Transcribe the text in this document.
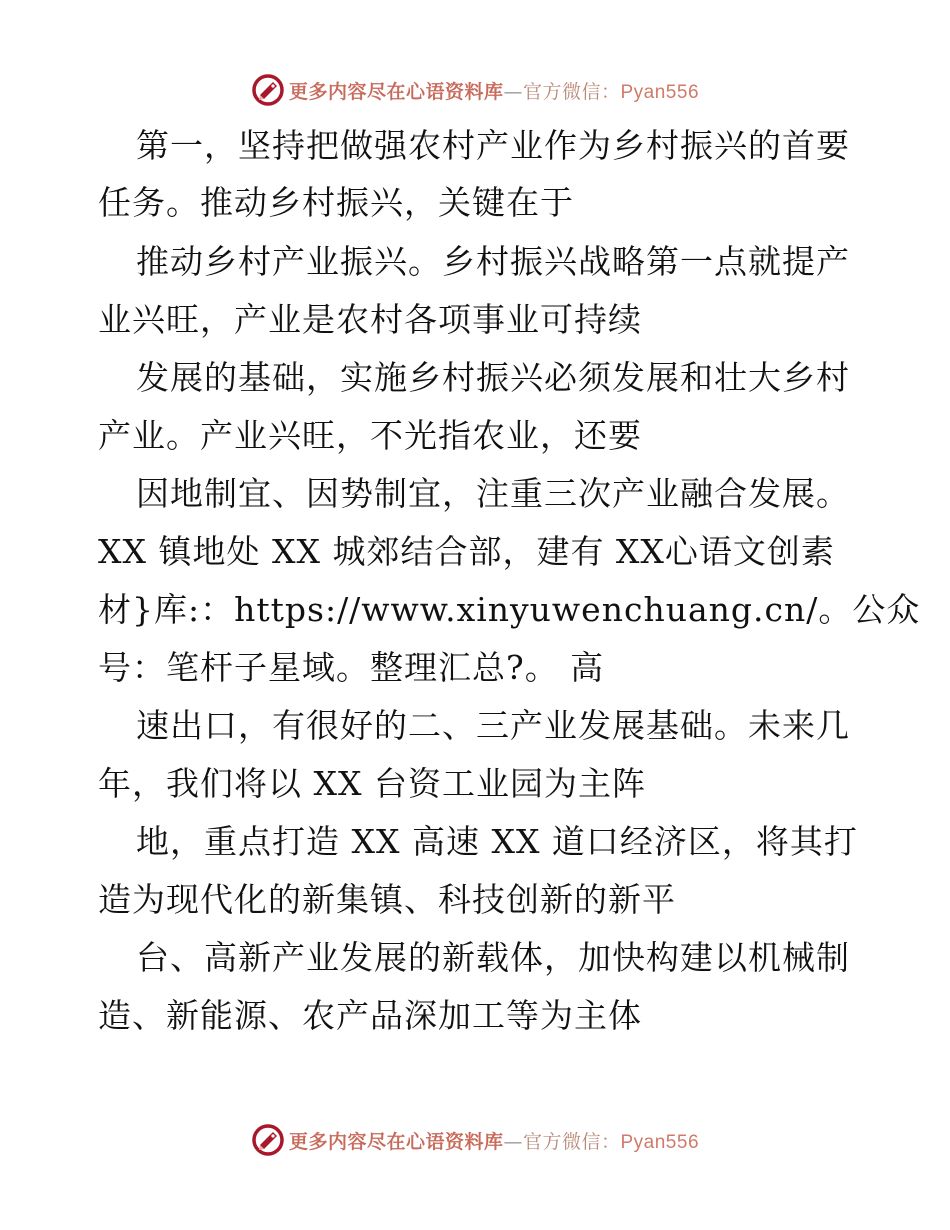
更多内容尽在心语资料库—官方微信：Pyan556
第一，坚持把做强农村产业作为乡村振兴的首要
任务。推动乡村振兴，关键在于
推动乡村产业振兴。乡村振兴战略第一点就提产
业兴旺，产业是农村各项事业可持续
发展的基础，实施乡村振兴必须发展和壮大乡村
产业。产业兴旺，不光指农业，还要
因地制宜、因势制宜，注重三次产业融合发展。
XX 镇地处 XX 城郊结合部，建有 XX心语文创素
材}库:：https://www.xinyuwenchuang.cn/。公众
号：笔杆子星域。整理汇总?。 高
速出口，有很好的二、三产业发展基础。未来几
年，我们将以 XX 台资工业园为主阵
地，重点打造 XX 高速 XX 道口经济区，将其打
造为现代化的新集镇、科技创新的新平
台、高新产业发展的新载体，加快构建以机械制
造、新能源、农产品深加工等为主体
更多内容尽在心语资料库—官方微信：Pyan556
